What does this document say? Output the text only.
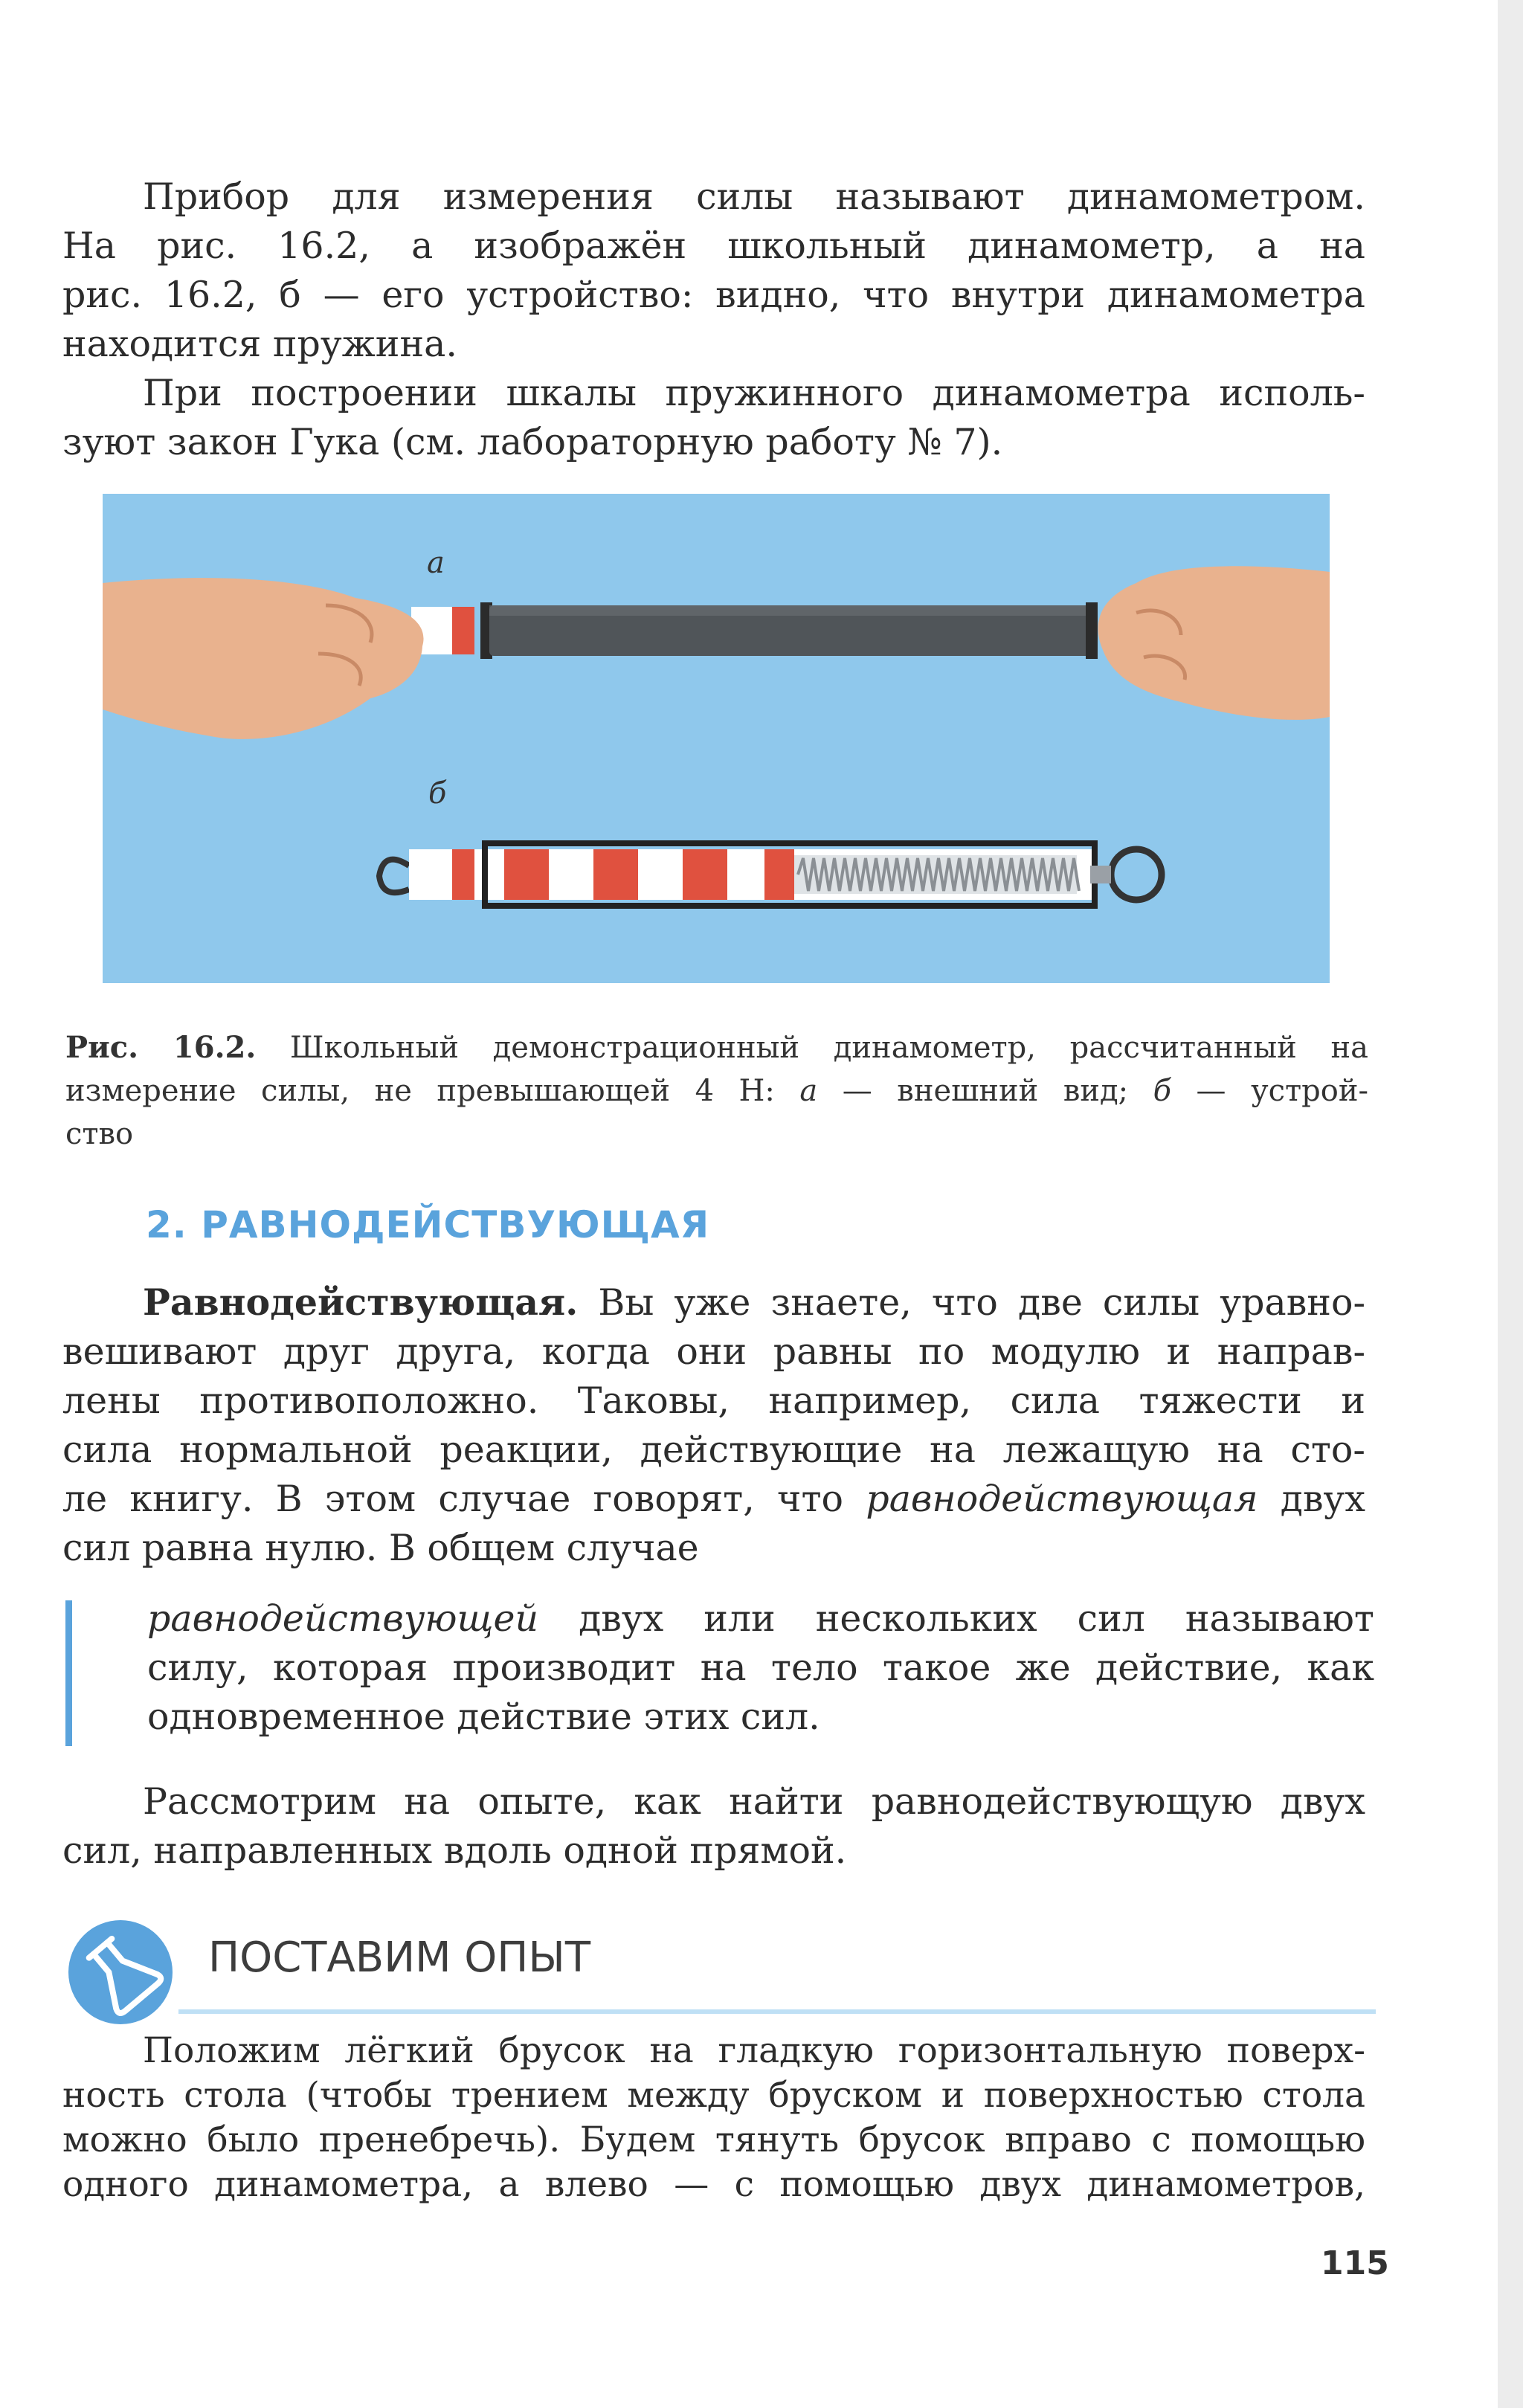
Прибор для измерения силы называют динамометром.
На рис. 16.2, а изображён школьный динамометр, а на
рис. 16.2, б — его устройство: видно, что внутри динамометра
находится пружина.
При построении шкалы пружинного динамометра исполь-
зуют закон Гука (см. лабораторную работу № 7).
а
б
Рис. 16.2. Школьный демонстрационный динамометр, рассчитанный на
измерение силы, не превышающей 4 Н: а — внешний вид; б — устрой-
ство
2. РАВНОДЕЙСТВУЮЩАЯ
Равнодействующая. Вы уже знаете, что две силы уравно-
вешивают друг друга, когда они равны по модулю и направ-
лены противоположно. Таковы, например, сила тяжести и
сила нормальной реакции, действующие на лежащую на сто-
ле книгу. В этом случае говорят, что равнодействующая двух
сил равна нулю. В общем случае
равнодействующей двух или нескольких сил называют
силу, которая производит на тело такое же действие, как
одновременное действие этих сил.
Рассмотрим на опыте, как найти равнодействующую двух
сил, направленных вдоль одной прямой.
ПОСТАВИМ ОПЫТ
Положим лёгкий брусок на гладкую горизонтальную поверх-
ность стола (чтобы трением между бруском и поверхностью стола
можно было пренебречь). Будем тянуть брусок вправо с помощью
одного динамометра, а влево — с помощью двух динамометров,
115
